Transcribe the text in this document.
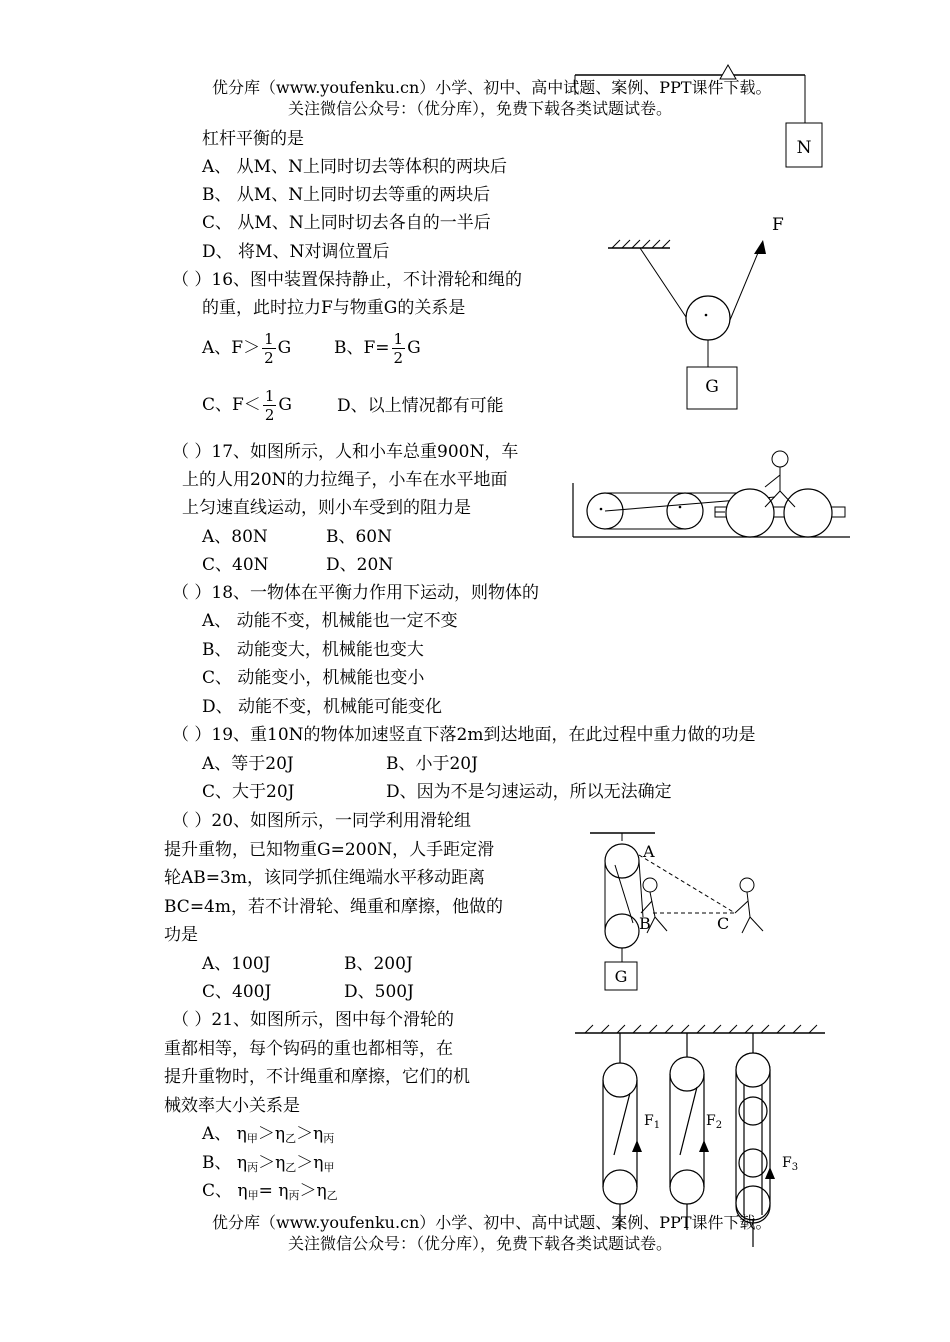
N
优分库（www.youfenku.cn）小学、初中、高中试题、案例、PPT课件下载。
关注微信公众号：（优分库），免费下载各类试题试卷。
杠杆平衡的是
A、 从M、N上同时切去等体积的两块后
B、 从M、N上同时切去等重的两块后
C、 从M、N上同时切去各自的一半后
D、 将M、N对调位置后
（ ）16、图中装置保持静止，不计滑轮和绳的
的重，此时拉力F与物重G的关系是
A、$F> \frac{1}{2}$ G	B、$F= \frac{1}{2}$ G
C、$F< \frac{1}{2}$ G	D、以上情况都有可能
F
G
（ ）17、如图所示，人和小车总重900N，车
上的人用20N的力拉绳子，小车在水平地面
上匀速直线运动，则小车受到的阻力是
A、80N	B、60N
C、40N	D、20N
（ ）18、一物体在平衡力作用下运动，则物体的
A、 动能不变，机械能也一定不变
B、 动能变大，机械能也变大
C、 动能变小，机械能也变小
D、 动能不变，机械能可能变化
（ ）19、重10N的物体加速竖直下落2m到达地面，在此过程中重力做的功是
A、等于20J	B、小于20J
C、大于20J	D、因为不是匀速运动，所以无法确定
（ ）20、如图所示，一同学利用滑轮组
提升重物，已知物重G=200N，人手距定滑
轮AB=3m，该同学抓住绳端水平移动距离
BC=4m，若不计滑轮、绳重和摩擦，他做的
功是
A、100J	B、200J
C、400J	D、500J
G
A
B	C
（ ）21、如图所示，图中每个滑轮的
重都相等，每个钩码的重也都相等，在
提升重物时，不计绳重和摩擦，它们的机
械效率大小关系是
A、 $\eta_甲>\eta_乙>\eta_丙$
B、 $\eta_丙>\eta_乙>\eta_甲$
C、 $\eta_甲= \eta_丙>\eta_乙$
$F_1$	$F_2$
$F_3$
优分库（www.youfenku.cn）小学、初中、高中试题、案例、PPT课件下载。
关注微信公众号：（优分库），免费下载各类试题试卷。
